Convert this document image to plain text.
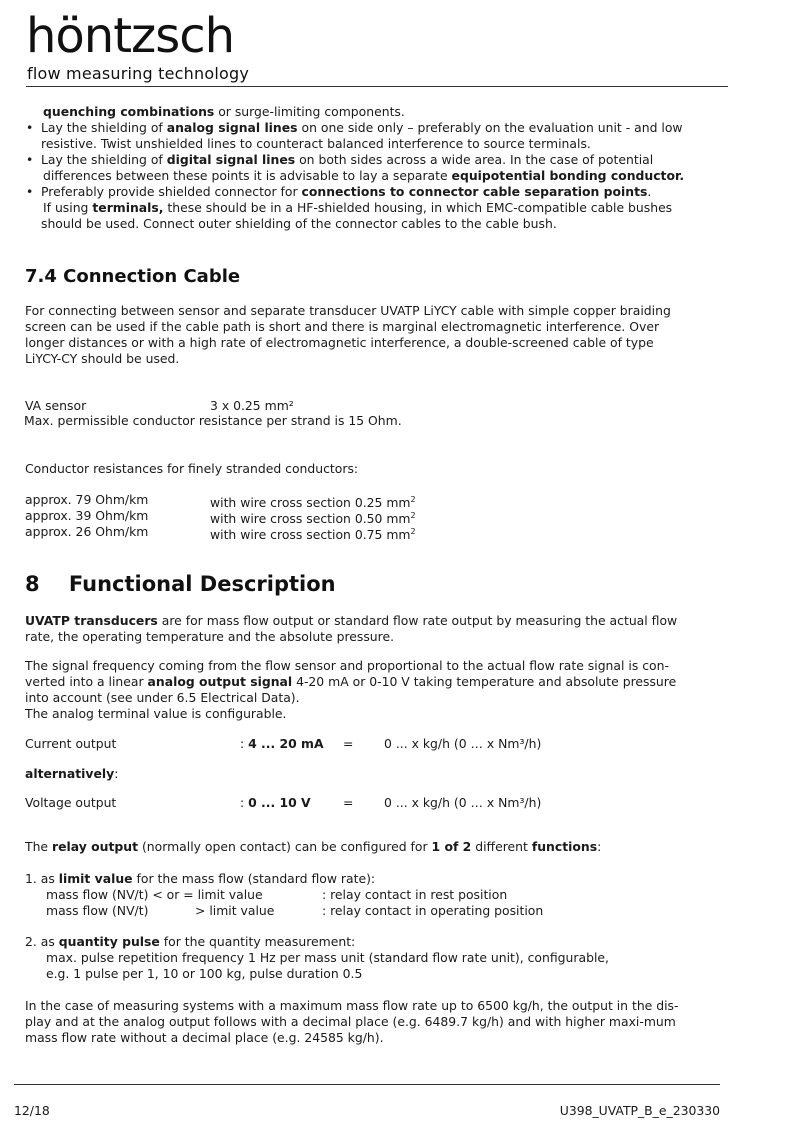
höntzsch
flow measuring technology
quenching combinations or surge-limiting components.
• Lay the shielding of analog signal lines on one side only – preferably on the evaluation unit - and low
resistive. Twist unshielded lines to counteract balanced interference to source terminals.
• Lay the shielding of digital signal lines on both sides across a wide area. In the case of potential
differences between these points it is advisable to lay a separate equipotential bonding conductor.
• Preferably provide shielded connector for connections to connector cable separation points.
If using terminals, these should be in a HF-shielded housing, in which EMC-compatible cable bushes
should be used. Connect outer shielding of the connector cables to the cable bush.
7.4 Connection Cable
For connecting between sensor and separate transducer UVATP LiYCY cable with simple copper braiding
screen can be used if the cable path is short and there is marginal electromagnetic interference. Over
longer distances or with a high rate of electromagnetic interference, a double-screened cable of type
LiYCY-CY should be used.
VA sensor	3 x 0.25 mm²
Max. permissible conductor resistance per strand is 15 Ohm.
Conductor resistances for finely stranded conductors:
approx. 79 Ohm/km	with wire cross section 0.25 $mm^2$
approx. 39 Ohm/km	with wire cross section 0.50 $mm^2$
approx. 26 Ohm/km	with wire cross section 0.75 $mm^2$
8    Functional Description
UVATP transducers are for mass flow output or standard flow rate output by measuring the actual flow
rate, the operating temperature and the absolute pressure.
The signal frequency coming from the flow sensor and proportional to the actual flow rate signal is con-
verted into a linear analog output signal 4-20 mA or 0-10 V taking temperature and absolute pressure
into account (see under 6.5 Electrical Data).
The analog terminal value is configurable.
Current output	: 4 ... 20 mA = 0 ... x kg/h (0 … x Nm³/h)
alternatively:
Voltage output	: 0 ... 10 V	= 0 ... x kg/h (0 … x Nm³/h)
The relay output (normally open contact) can be configured for 1 of 2 different functions:
1. as limit value for the mass flow (standard flow rate):
mass flow (NV/t) < or = limit value	: relay contact in rest position
mass flow (NV/t)	> limit value	: relay contact in operating position
2. as quantity pulse for the quantity measurement:
max. pulse repetition frequency 1 Hz per mass unit (standard flow rate unit), configurable,
e.g. 1 pulse per 1, 10 or 100 kg, pulse duration 0.5
In the case of measuring systems with a maximum mass flow rate up to 6500 kg/h, the output in the dis-
play and at the analog output follows with a decimal place (e.g. 6489.7 kg/h) and with higher maxi-mum
mass flow rate without a decimal place (e.g. 24585 kg/h).
12/18	U398_UVATP_B_e_230330
